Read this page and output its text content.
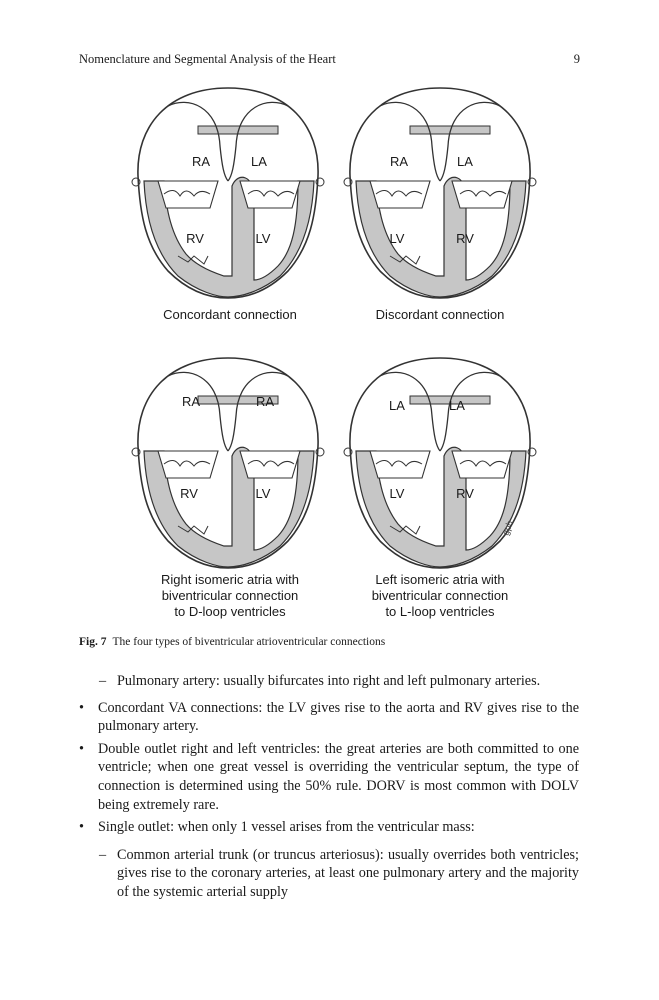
Nomenclature and Segmental Analysis of the Heart	9
gph
RA	LA
RV	LV
RA	LA
LV	RV
RA	RA
RV	LV
LA	LA
LV	RV
Concordant connection	Discordant connection
Right isomeric atria with
biventricular connection
to D-loop ventricles
Left isomeric atria with
biventricular connection
to L-loop ventricles
Fig. 7 The four types of biventricular atrioventricular connections
– Pulmonary artery: usually bifurcates into right and left pulmonary arteries.
• Concordant VA connections: the LV gives rise to the aorta and RV gives rise to the pulmonary artery.
• Double outlet right and left ventricles: the great arteries are both committed to one ventricle; when one great vessel is overriding the ventricular septum, the type of connection is determined using the 50% rule. DORV is most common with DOLV being extremely rare.
• Single outlet: when only 1 vessel arises from the ventricular mass:
– Common arterial trunk (or truncus arteriosus): usually overrides both ventricles; gives rise to the coronary arteries, at least one pulmonary artery and the majority of the systemic arterial supply
